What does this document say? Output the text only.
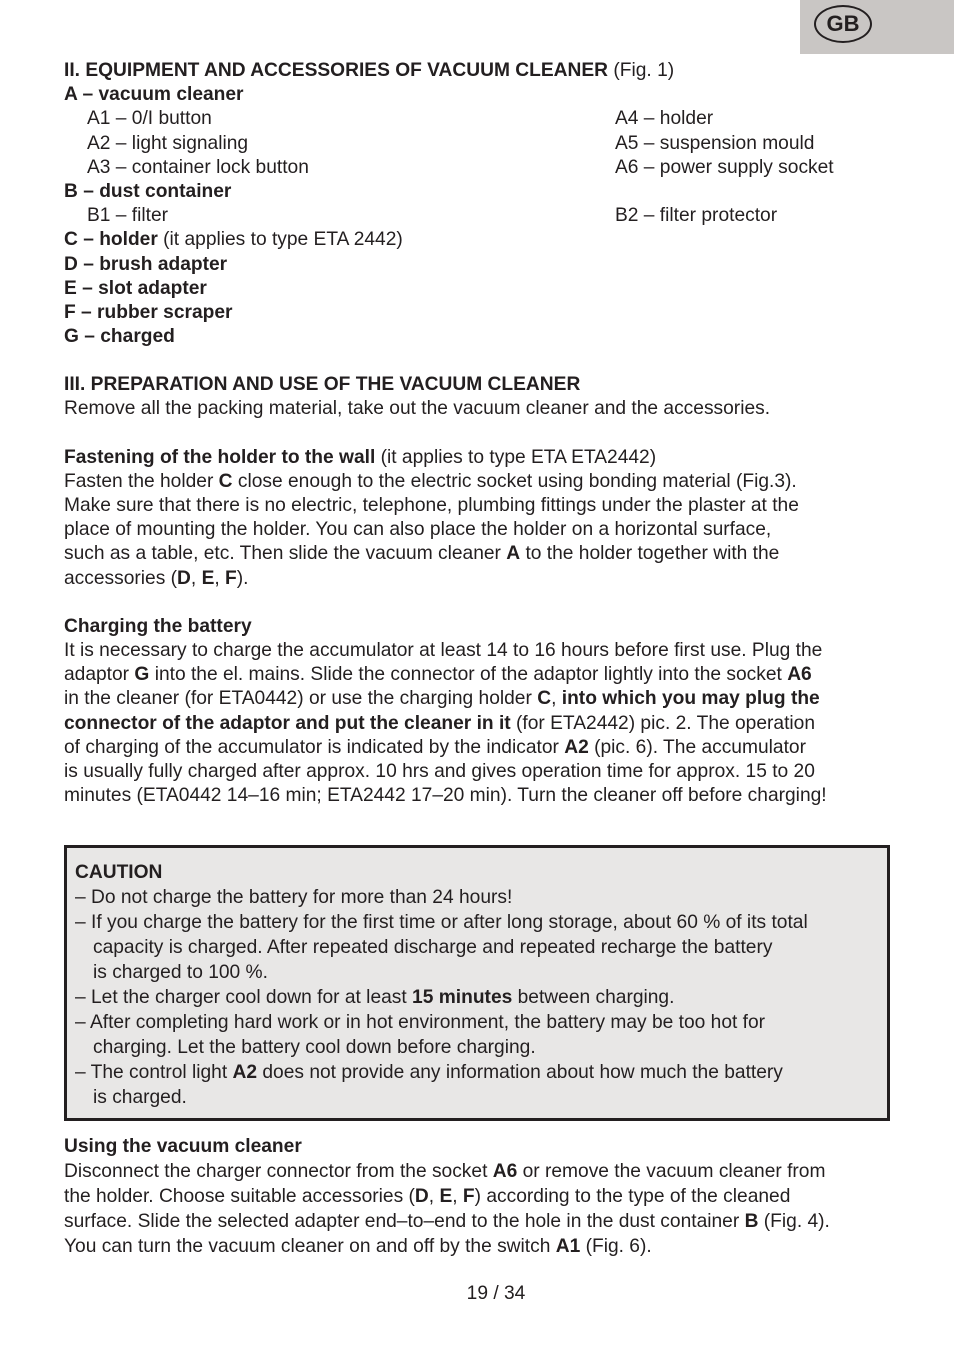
GB
II. EQUIPMENT AND ACCESSORIES OF VACUUM CLEANER (Fig. 1)
A – vacuum cleaner
A1 – 0/I button	A4 – holder
A2 – light signaling	A5 – suspension mould
A3 – container lock button	A6 – power supply socket
B – dust container
B1 – filter	B2 – filter protector
C – holder (it applies to type ETA 2442)
D – brush adapter
E – slot adapter
F – rubber scraper
G – charged
III. PREPARATION AND USE OF THE VACUUM CLEANER
Remove all the packing material, take out the vacuum cleaner and the accessories.
Fastening of the holder to the wall (it applies to type ETA ETA2442)
Fasten the holder C close enough to the electric socket using bonding material (Fig.3).
Make sure that there is no electric, telephone, plumbing fittings under the plaster at the
place of mounting the holder. You can also place the holder on a horizontal surface,
such as a table, etc. Then slide the vacuum cleaner A to the holder together with the
accessories (D, E, F).
Charging the battery
It is necessary to charge the accumulator at least 14 to 16 hours before first use. Plug the
adaptor G into the el. mains. Slide the connector of the adaptor lightly into the socket A6
in the cleaner (for ETA0442) or use the charging holder C, into which you may plug the
connector of the adaptor and put the cleaner in it (for ETA2442) pic. 2. The operation
of charging of the accumulator is indicated by the indicator A2 (pic. 6). The accumulator
is usually fully charged after approx. 10 hrs and gives operation time for approx. 15 to 20
minutes (ETA0442 14–16 min; ETA2442 17–20 min). Turn the cleaner off before charging!
CAUTION
– Do not charge the battery for more than 24 hours!
– If you charge the battery for the first time or after long storage, about 60 % of its total
capacity is charged. After repeated discharge and repeated recharge the battery
is charged to 100 %.
– Let the charger cool down for at least 15 minutes between charging.
– After completing hard work or in hot environment, the battery may be too hot for
charging. Let the battery cool down before charging.
– The control light A2 does not provide any information about how much the battery
is charged.
Using the vacuum cleaner
Disconnect the charger connector from the socket A6 or remove the vacuum cleaner from
the holder. Choose suitable accessories (D, E, F) according to the type of the cleaned
surface. Slide the selected adapter end–to–end to the hole in the dust container B (Fig. 4).
You can turn the vacuum cleaner on and off by the switch A1 (Fig. 6).
19 / 34
